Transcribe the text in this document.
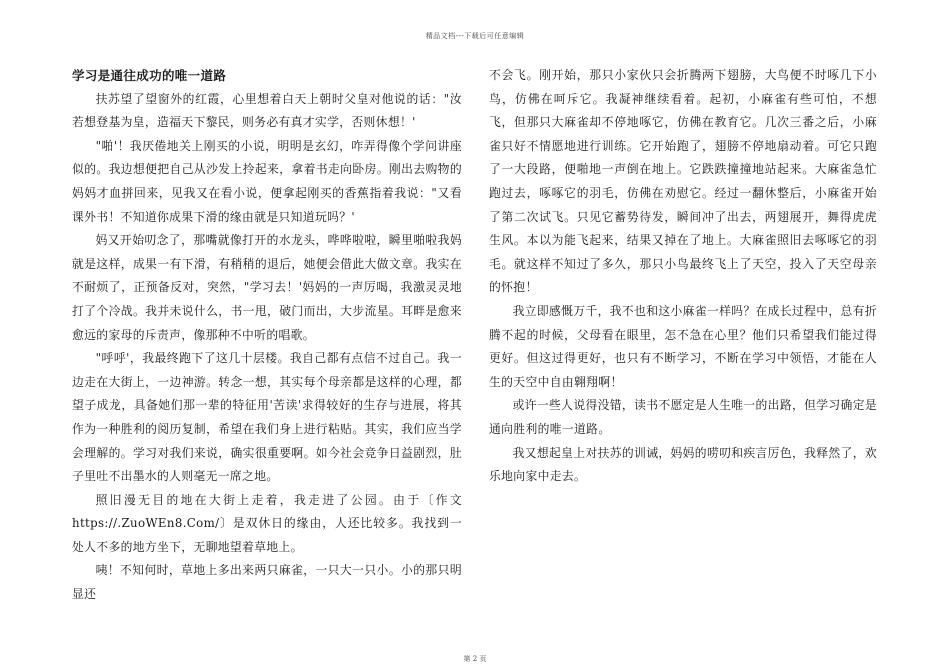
精品文档---下载后可任意编辑
学习是通往成功的唯一道路

扶苏望了望窗外的红霞，心里想着白天上朝时父皇对他说的话："汝若想登基为皇，造福天下黎民，则务必有真才实学，否则休想！'

"啪'！我厌倦地关上刚买的小说，明明是玄幻，咋弄得像个学问讲座似的。我边想便把自己从沙发上拎起来，拿着书走向卧房。刚出去购物的妈妈才血拼回来，见我又在看小说，便拿起刚买的香蕉指着我说："又看课外书！不知道你成果下滑的缘由就是只知道玩吗？'

妈又开始叨念了，那嘴就像打开的水龙头，哗哗啦啦，瞬里啪啦我妈就是这样，成果一有下滑，有稍稍的退后，她便会借此大做文章。我实在不耐烦了，正预备反对，突然，"学习去！'妈妈的一声厉喝，我激灵灵地打了个冷战。我并未说什么，书一甩，破门而出，大步流星。耳畔是愈来愈远的家母的斥责声，像那种不中听的唱歌。

"呼呼'，我最终跑下了这几十层楼。我自己都有点信不过自己。我一边走在大街上，一边神游。转念一想，其实每个母亲都是这样的心理，都望子成龙，具备她们那一辈的特征用'苦读'求得较好的生存与进展，将其作为一种胜利的阅历复制，希望在我们身上进行粘贴。其实，我们应当学会理解的。学习对我们来说，确实很重要啊。如今社会竞争日益剧烈，肚子里吐不出墨水的人则毫无一席之地。

照旧漫无目的地在大街上走着，我走进了公园。由于〔作文https://.ZuoWEn8.Com/〕是双休日的缘由，人还比较多。我找到一处人不多的地方坐下，无聊地望着草地上。

咦！不知何时，草地上多出来两只麻雀，一只大一只小。小的那只明显还

不会飞。刚开始，那只小家伙只会折腾两下翅膀，大鸟便不时啄几下小鸟，仿佛在呵斥它。我凝神继续看着。起初，小麻雀有些可怕，不想飞，但那只大麻雀却不停地啄它，仿佛在教育它。几次三番之后，小麻雀只好不情愿地进行训练。它开始跑了，翅膀不停地扇动着。可它只跑了一大段路，便啪地一声倒在地上。它跌跌撞撞地站起来。大麻雀急忙跑过去，啄啄它的羽毛，仿佛在劝慰它。经过一翻休整后，小麻雀开始了第二次试飞。只见它蓄势待发，瞬间冲了出去，两翅展开，舞得虎虎生风。本以为能飞起来，结果又掉在了地上。大麻雀照旧去啄啄它的羽毛。就这样不知过了多久，那只小鸟最终飞上了天空，投入了天空母亲的怀抱！

我立即感慨万千，我不也和这小麻雀一样吗？在成长过程中，总有折腾不起的时候，父母看在眼里，怎不急在心里？他们只希望我们能过得更好。但这过得更好，也只有不断学习，不断在学习中领悟，才能在人生的天空中自由翱翔啊！

或许一些人说得没错，读书不愿定是人生唯一的出路，但学习确定是通向胜利的唯一道路。

我又想起皇上对扶苏的训诫，妈妈的唠叨和疾言厉色，我释然了，欢乐地向家中走去。

第 2 页
